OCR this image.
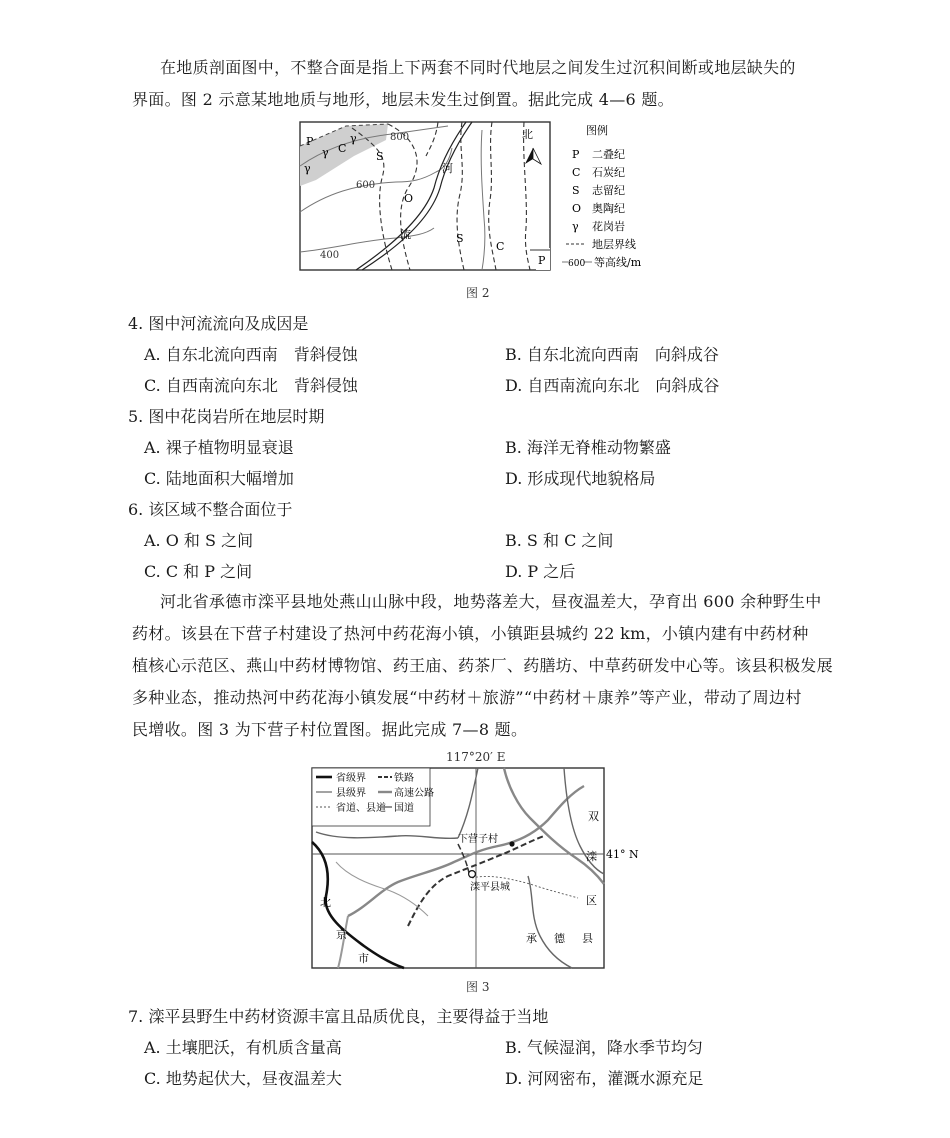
在地质剖面图中，不整合面是指上下两套不同时代地层之间发生过沉积间断或地层缺失的
界面。图 2 示意某地地质与地形，地层未发生过倒置。据此完成 4—6 题。
P
γ
γ
C
γ
S
O
河
流	S
C
P
800
600
400
北	图例
P 二叠纪
C 石炭纪
S 志留纪
O 奥陶纪
γ 花岗岩
地层界线
600 等高线/m
图 2
4. 图中河流流向及成因是
A. 自东北流向西南　背斜侵蚀	B. 自东北流向西南　向斜成谷
C. 自西南流向东北　背斜侵蚀	D. 自西南流向东北　向斜成谷
5. 图中花岗岩所在地层时期
A. 裸子植物明显衰退	B. 海洋无脊椎动物繁盛
C. 陆地面积大幅增加	D. 形成现代地貌格局
6. 该区域不整合面位于
A. O 和 S 之间	B. S 和 C 之间
C. C 和 P 之间	D. P 之后
河北省承德市滦平县地处燕山山脉中段，地势落差大，昼夜温差大，孕育出 600 余种野生中
药材。该县在下营子村建设了热河中药花海小镇，小镇距县城约 22 km，小镇内建有中药材种
植核心示范区、燕山中药材博物馆、药王庙、药茶厂、药膳坊、中草药研发中心等。该县积极发展
多种业态，推动热河中药花海小镇发展“中药材＋旅游”“中药材＋康养”等产业，带动了周边村
民增收。图 3 为下营子村位置图。据此完成 7—8 题。
117°20′ E
省级界	铁路
县级界	高速公路
省道、县道 国道
下营子村
滦平县城
北
京
市
承 德 县
双
滦
区
41° N
图 3
7. 滦平县野生中药材资源丰富且品质优良，主要得益于当地
A. 土壤肥沃，有机质含量高	B. 气候湿润，降水季节均匀
C. 地势起伏大，昼夜温差大	D. 河网密布，灌溉水源充足
